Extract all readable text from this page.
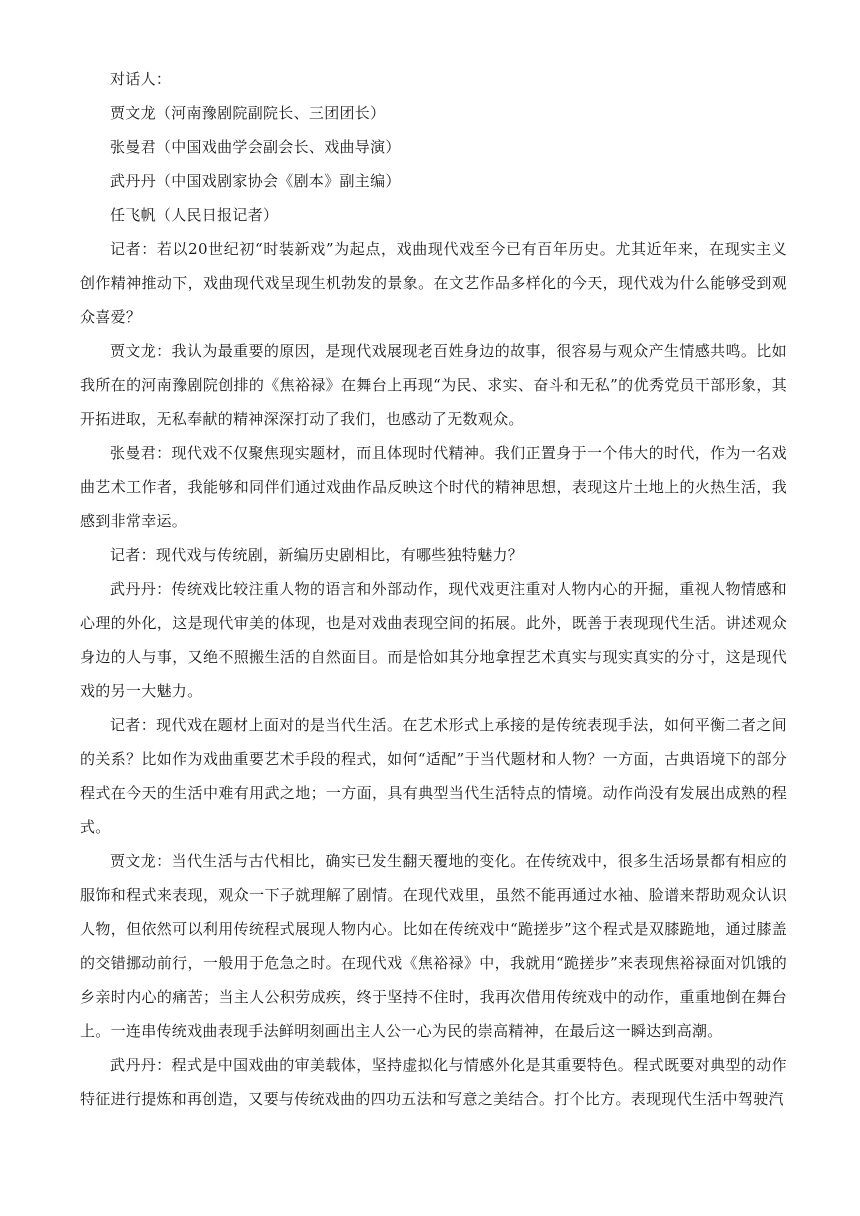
对话人：

贾文龙（河南豫剧院副院长、三团团长）

张曼君（中国戏曲学会副会长、戏曲导演）

武丹丹（中国戏剧家协会《剧本》副主编）

任飞帆（人民日报记者）

记者：若以20世纪初“时装新戏”为起点，戏曲现代戏至今已有百年历史。尤其近年来，在现实主义创作精神推动下，戏曲现代戏呈现生机勃发的景象。在文艺作品多样化的今天，现代戏为什么能够受到观众喜爱？

贾文龙：我认为最重要的原因，是现代戏展现老百姓身边的故事，很容易与观众产生情感共鸣。比如我所在的河南豫剧院创排的《焦裕禄》在舞台上再现“为民、求实、奋斗和无私”的优秀党员干部形象，其开拓进取，无私奉献的精神深深打动了我们，也感动了无数观众。

张曼君：现代戏不仅聚焦现实题材，而且体现时代精神。我们正置身于一个伟大的时代，作为一名戏曲艺术工作者，我能够和同伴们通过戏曲作品反映这个时代的精神思想，表现这片土地上的火热生活，我感到非常幸运。

记者：现代戏与传统剧，新编历史剧相比，有哪些独特魅力？

武丹丹：传统戏比较注重人物的语言和外部动作，现代戏更注重对人物内心的开掘，重视人物情感和心理的外化，这是现代审美的体现，也是对戏曲表现空间的拓展。此外，既善于表现现代生活。讲述观众身边的人与事，又绝不照搬生活的自然面目。而是恰如其分地拿捏艺术真实与现实真实的分寸，这是现代戏的另一大魅力。

记者：现代戏在题材上面对的是当代生活。在艺术形式上承接的是传统表现手法，如何平衡二者之间的关系？比如作为戏曲重要艺术手段的程式，如何“适配”于当代题材和人物？一方面，古典语境下的部分程式在今天的生活中难有用武之地；一方面，具有典型当代生活特点的情境。动作尚没有发展出成熟的程式。

贾文龙：当代生活与古代相比，确实已发生翻天覆地的变化。在传统戏中，很多生活场景都有相应的服饰和程式来表现，观众一下子就理解了剧情。在现代戏里，虽然不能再通过水袖、脸谱来帮助观众认识人物，但依然可以利用传统程式展现人物内心。比如在传统戏中“跪搓步”这个程式是双膝跪地，通过膝盖的交错挪动前行，一般用于危急之时。在现代戏《焦裕禄》中，我就用“跪搓步”来表现焦裕禄面对饥饿的乡亲时内心的痛苦；当主人公积劳成疾，终于坚持不住时，我再次借用传统戏中的动作，重重地倒在舞台上。一连串传统戏曲表现手法鲜明刻画出主人公一心为民的崇高精神，在最后这一瞬达到高潮。

武丹丹：程式是中国戏曲的审美载体，坚持虚拟化与情感外化是其重要特色。程式既要对典型的动作特征进行提炼和再创造，又要与传统戏曲的四功五法和写意之美结合。打个比方。表现现代生活中驾驶汽
